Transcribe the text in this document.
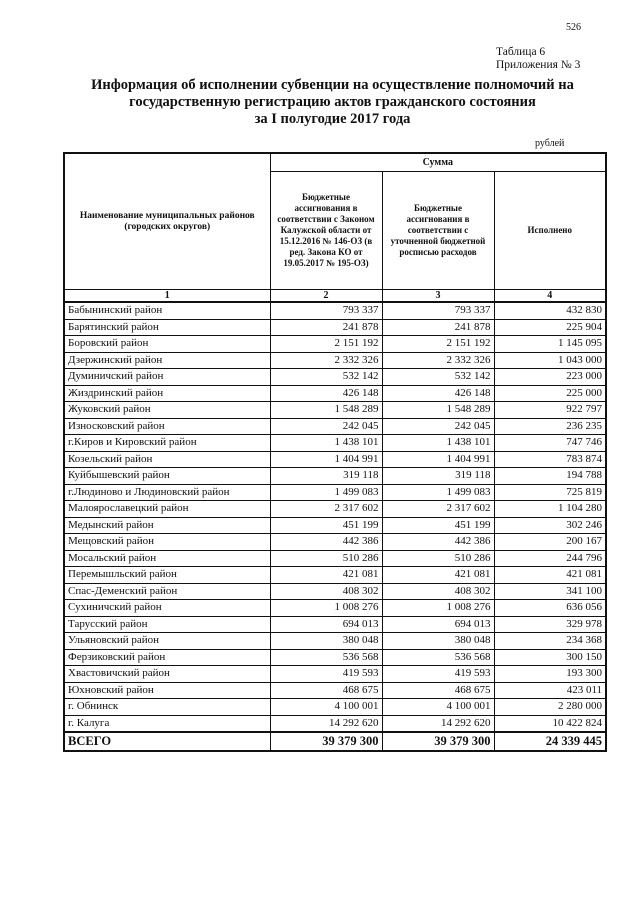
526
Таблица 6
Приложения № 3
Информация об исполнении субвенции на осуществление полномочий на
государственную регистрацию актов гражданского состояния
за I полугодие 2017 года
рублей
Наименование муниципальных районов (городских округов)	Сумма		
	Бюджетные ассигнования в соответствии с Законом Калужской области от 15.12.2016 № 146-ОЗ (в ред. Закона КО от 19.05.2017 № 195-ОЗ)	Бюджетные ассигнования в соответствии с уточненной бюджетной росписью расходов	Исполнено
1	2	3	4
Бабынинский район	793 337	793 337	432 830
Барятинский район	241 878	241 878	225 904
Боровский район	2 151 192	2 151 192	1 145 095
Дзержинский район	2 332 326	2 332 326	1 043 000
Думиничский район	532 142	532 142	223 000
Жиздринский район	426 148	426 148	225 000
Жуковский район	1 548 289	1 548 289	922 797
Износковский район	242 045	242 045	236 235
г.Киров и Кировский район	1 438 101	1 438 101	747 746
Козельский район	1 404 991	1 404 991	783 874
Куйбышевский район	319 118	319 118	194 788
г.Людиново и Людиновский район	1 499 083	1 499 083	725 819
Малоярославецкий район	2 317 602	2 317 602	1 104 280
Медынский район	451 199	451 199	302 246
Мещовский район	442 386	442 386	200 167
Мосальский район	510 286	510 286	244 796
Перемышльский район	421 081	421 081	421 081
Спас-Деменский район	408 302	408 302	341 100
Сухиничский район	1 008 276	1 008 276	636 056
Тарусский район	694 013	694 013	329 978
Ульяновский район	380 048	380 048	234 368
Ферзиковский район	536 568	536 568	300 150
Хвастовичский район	419 593	419 593	193 300
Юхновский район	468 675	468 675	423 011
г. Обнинск	4 100 001	4 100 001	2 280 000
г. Калуга	14 292 620	14 292 620	10 422 824
ВСЕГО	39 379 300	39 379 300	24 339 445
